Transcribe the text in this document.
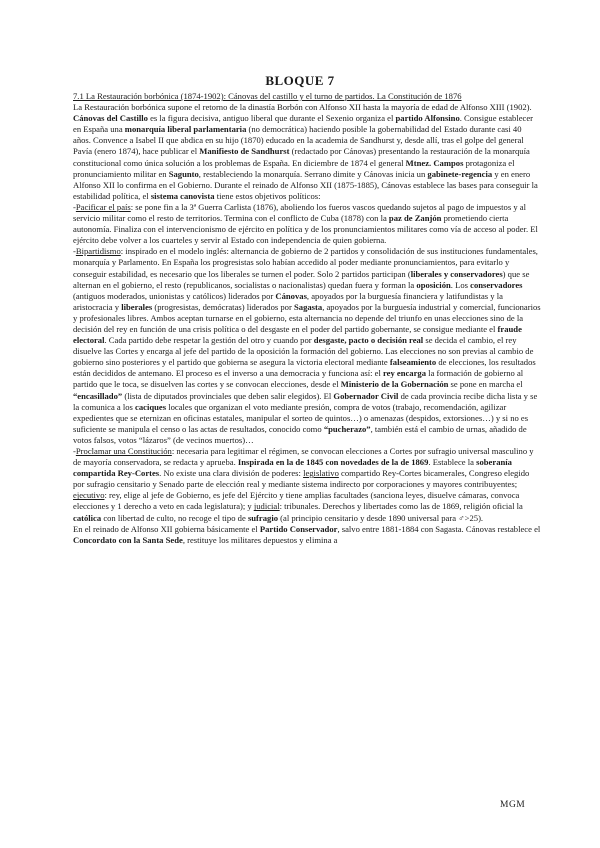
BLOQUE 7

7.1 La Restauración borbónica (1874-1902): Cánovas del castillo y el turno de partidos. La Constitución de 1876

La Restauración borbónica supone el retorno de la dinastía Borbón con Alfonso XII hasta la mayoría de edad de Alfonso XIII (1902). Cánovas del Castillo es la figura decisiva, antiguo liberal que durante el Sexenio organiza el partido Alfonsino. Consigue establecer en España una monarquía liberal parlamentaria (no democrática) haciendo posible la gobernabilidad del Estado durante casi 40 años. Convence a Isabel II que abdica en su hijo (1870) educado en la academia de Sandhurst y, desde allí, tras el golpe del general Pavía (enero 1874), hace publicar el Manifiesto de Sandhurst (redactado por Cánovas) presentando la restauración de la monarquía constitucional como única solución a los problemas de España. En diciembre de 1874 el general Mtnez. Campos protagoniza el pronunciamiento militar en Sagunto, restableciendo la monarquía. Serrano dimite y Cánovas inicia un gabinete-regencia y en enero Alfonso XII lo confirma en el Gobierno. Durante el reinado de Alfonso XII (1875-1885), Cánovas establece las bases para conseguir la estabilidad política, el sistema canovista tiene estos objetivos políticos:

-Pacificar el país: se pone fin a la 3ª Guerra Carlista (1876), aboliendo los fueros vascos quedando sujetos al pago de impuestos y al servicio militar como el resto de territorios. Termina con el conflicto de Cuba (1878) con la paz de Zanjón prometiendo cierta autonomía. Finaliza con el intervencionismo de ejército en política y de los pronunciamientos militares como vía de acceso al poder. El ejército debe volver a los cuarteles y servir al Estado con independencia de quien gobierna.

-Bipartidismo: inspirado en el modelo inglés: alternancia de gobierno de 2 partidos y consolidación de sus instituciones fundamentales, monarquía y Parlamento. En España los progresistas solo habían accedido al poder mediante pronunciamientos, para evitarlo y conseguir estabilidad, es necesario que los liberales se turnen el poder. Solo 2 partidos participan (liberales y conservadores) que se alternan en el gobierno, el resto (republicanos, socialistas o nacionalistas) quedan fuera y forman la oposición. Los conservadores (antiguos moderados, unionistas y católicos) liderados por Cánovas, apoyados por la burguesía financiera y latifundistas y la aristocracia y liberales (progresistas, demócratas) liderados por Sagasta, apoyados por la burguesía industrial y comercial, funcionarios y profesionales libres. Ambos aceptan turnarse en el gobierno, esta alternancia no depende del triunfo en unas elecciones sino de la decisión del rey en función de una crisis política o del desgaste en el poder del partido gobernante, se consigue mediante el fraude electoral. Cada partido debe respetar la gestión del otro y cuando por desgaste, pacto o decisión real se decida el cambio, el rey disuelve las Cortes y encarga al jefe del partido de la oposición la formación del gobierno. Las elecciones no son previas al cambio de gobierno sino posteriores y el partido que gobierna se asegura la victoria electoral mediante falseamiento de elecciones, los resultados están decididos de antemano. El proceso es el inverso a una democracia y funciona así: el rey encarga la formación de gobierno al partido que le toca, se disuelven las cortes y se convocan elecciones, desde el Ministerio de la Gobernación se pone en marcha el “encasillado” (lista de diputados provinciales que deben salir elegidos). El Gobernador Civil de cada provincia recibe dicha lista y se la comunica a los caciques locales que organizan el voto mediante presión, compra de votos (trabajo, recomendación, agilizar expedientes que se eternizan en oficinas estatales, manipular el sorteo de quintos…) o amenazas (despidos, extorsiones…) y si no es suficiente se manipula el censo o las actas de resultados, conocido como “pucherazo”, también está el cambio de urnas, añadido de votos falsos, votos “lázaros” (de vecinos muertos)…

-Proclamar una Constitución: necesaria para legitimar el régimen, se convocan elecciones a Cortes por sufragio universal masculino y de mayoría conservadora, se redacta y aprueba. Inspirada en la de 1845 con novedades de la de 1869. Establece la soberanía compartida Rey-Cortes. No existe una clara división de poderes: legislativo compartido Rey-Cortes bicamerales, Congreso elegido por sufragio censitario y Senado parte de elección real y mediante sistema indirecto por corporaciones y mayores contribuyentes; ejecutivo: rey, elige al jefe de Gobierno, es jefe del Ejército y tiene amplias facultades (sanciona leyes, disuelve cámaras, convoca elecciones y 1 derecho a veto en cada legislatura); y judicial: tribunales. Derechos y libertades como las de 1869, religión oficial la católica con libertad de culto, no recoge el tipo de sufragio (al principio censitario y desde 1890 universal para ♂>25).

En el reinado de Alfonso XII gobierna básicamente el Partido Conservador, salvo entre 1881-1884 con Sagasta. Cánovas restablece el Concordato con la Santa Sede, restituye los militares depuestos y elimina a

MGM
